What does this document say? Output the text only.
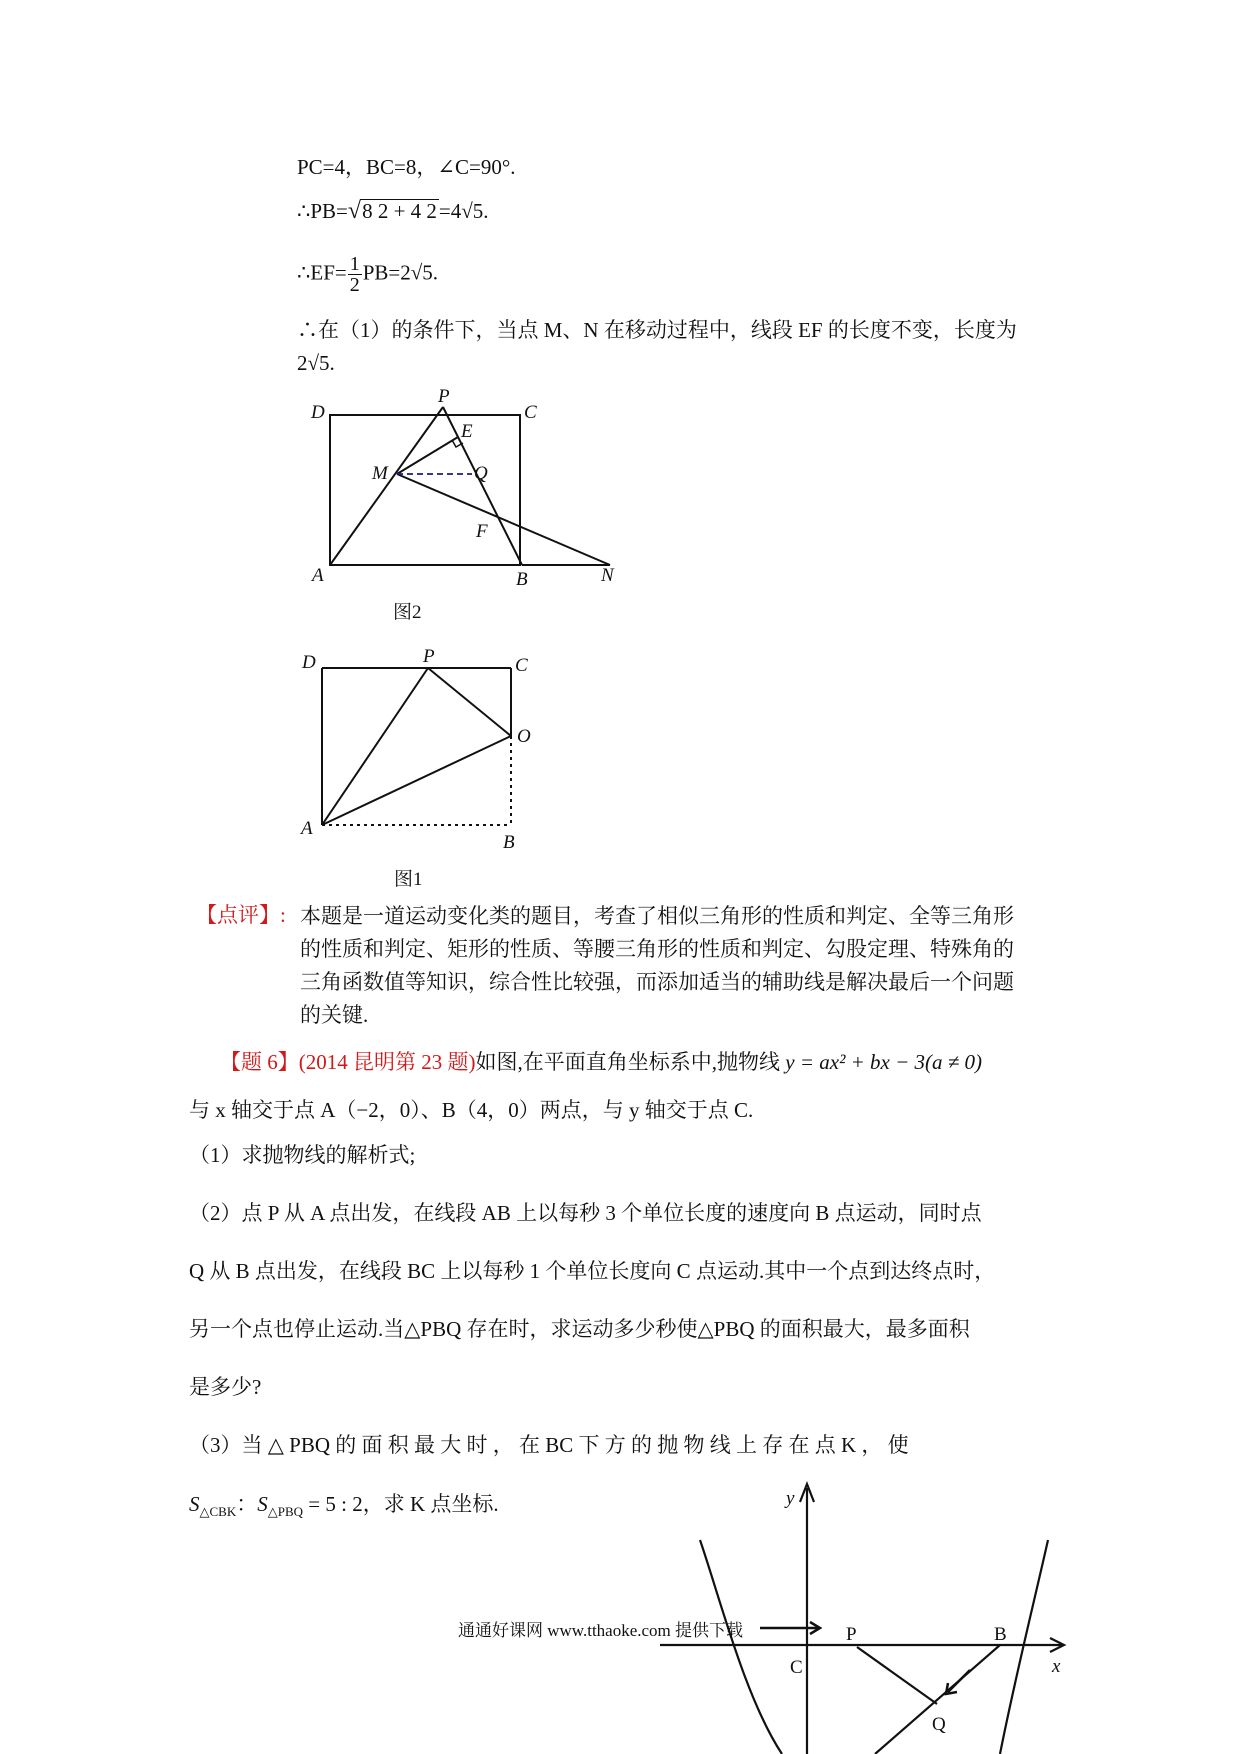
PC=4，BC=8，∠C=90°.
∴PB=√8 2 + 4 2=4√5.
∴EF= $\frac{1}{2} PB=2√5$.
∴在（1）的条件下，当点 M、N 在移动过程中，线段 EF 的长度不变，长度为
2√5.
D
P
C
E
M	Q
F
A	B	N
图2
D	P	C
O
A
B
图1
【点评】: 本题是一道运动变化类的题目，考查了相似三角形的性质和判定、全等三角形
的性质和判定、矩形的性质、等腰三角形的性质和判定、勾股定理、特殊角的
三角函数值等知识，综合性比较强，而添加适当的辅助线是解决最后一个问题
的关键.
【题 6】(2014 昆明第 23 题)如图,在平面直角坐标系中,抛物线 y = ax² + bx − 3(a ≠ 0)
与 x 轴交于点 A（−2，0）、B（4，0）两点，与 y 轴交于点 C.
（1）求抛物线的解析式;
（2）点 P 从 A 点出发，在线段 AB 上以每秒 3 个单位长度的速度向 B 点运动，同时点
Q 从 B 点出发，在线段 BC 上以每秒 1 个单位长度向 C 点运动.其中一个点到达终点时，
另一个点也停止运动.当△PBQ 存在时，求运动多少秒使△PBQ 的面积最大，最多面积
是多少?
（3）当 △ PBQ 的 面 积 最 大 时 ， 在 BC 下 方 的 抛 物 线 上 存 在 点 K ， 使
$S_{\triangle CBK}$：$S_{\triangle PBQ} = 5$ : 2，求 K 点坐标.	y
x
C
P	B
Q
通通好课网 www.tthaoke.com 提供下载
